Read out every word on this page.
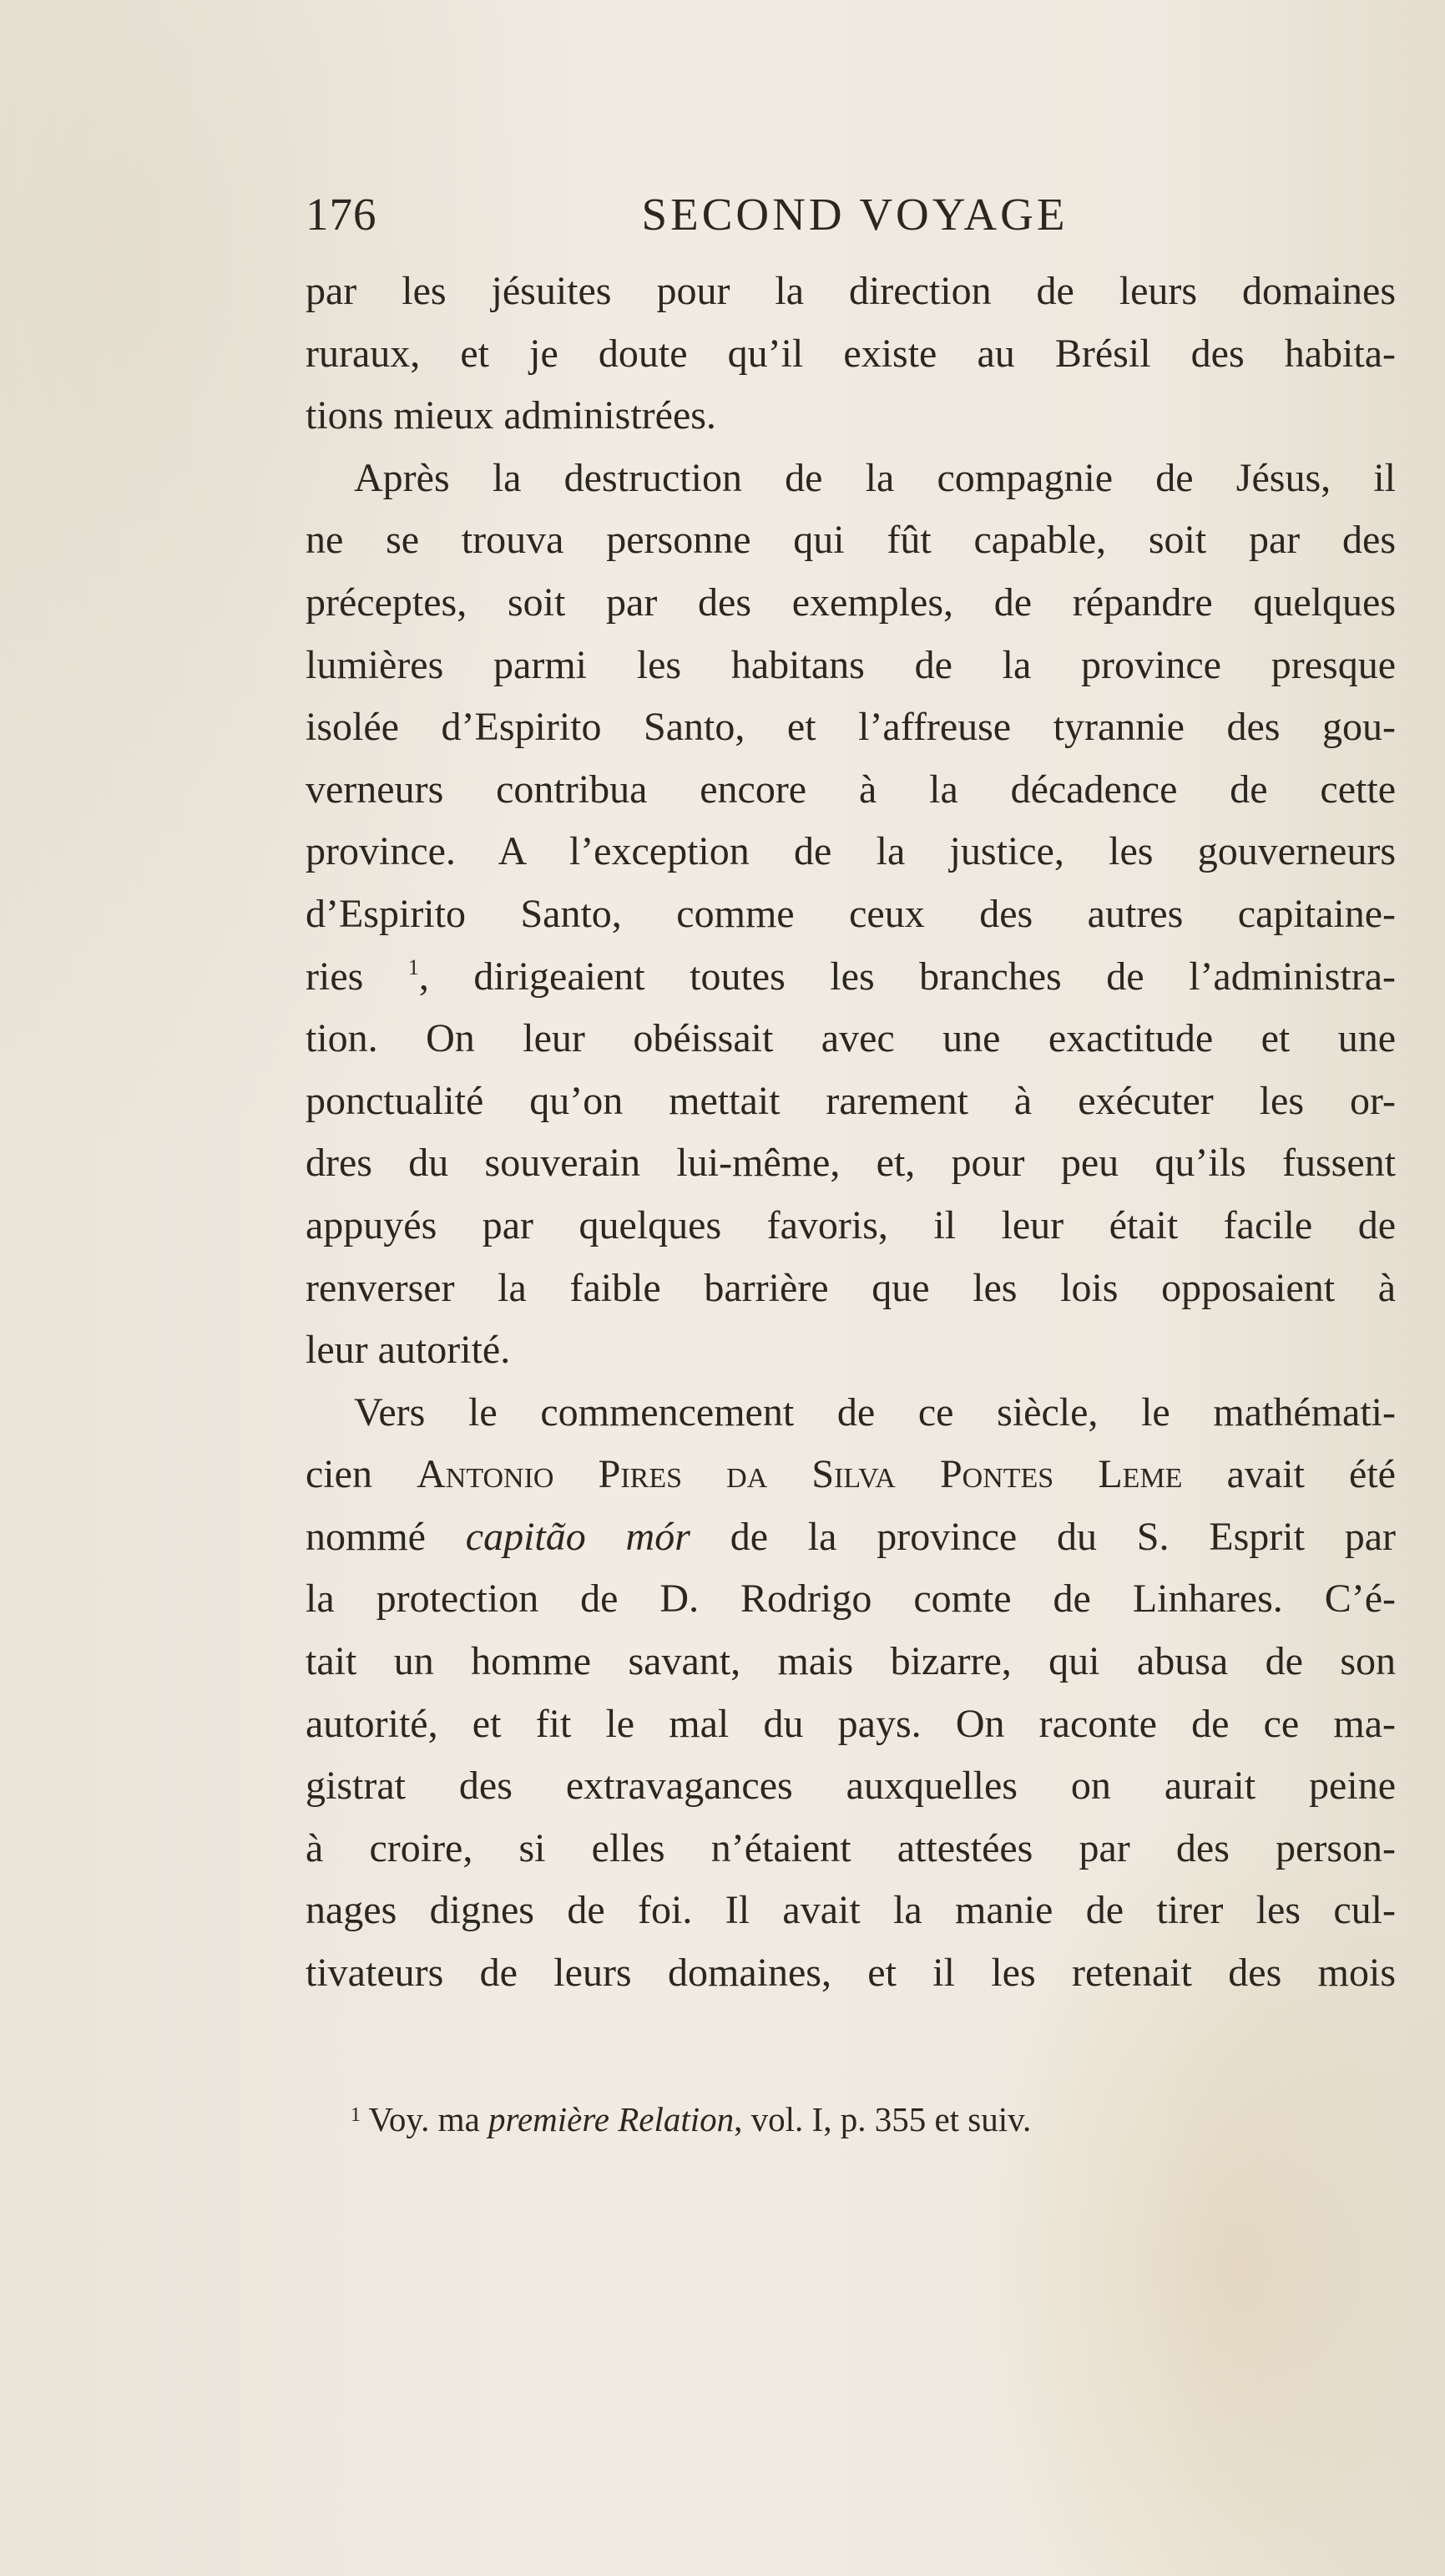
176	SECOND VOYAGE
par les jésuites pour la direction de leurs domaines
ruraux, et je doute qu’il existe au Brésil des habita-
tions mieux administrées.
Après la destruction de la compagnie de Jésus, il
ne se trouva personne qui fût capable, soit par des
préceptes, soit par des exemples, de répandre quelques
lumières parmi les habitans de la province presque
isolée d’Espirito Santo, et l’affreuse tyrannie des gou-
verneurs contribua encore à la décadence de cette
province. A l’exception de la justice, les gouverneurs
d’Espirito Santo, comme ceux des autres capitaine-
ries $^1$, dirigeaient toutes les branches de l’administra-
tion. On leur obéissait avec une exactitude et une
ponctualité qu’on mettait rarement à exécuter les or-
dres du souverain lui-même, et, pour peu qu’ils fussent
appuyés par quelques favoris, il leur était facile de
renverser la faible barrière que les lois opposaient à
leur autorité.
Vers le commencement de ce siècle, le mathémati-
cien Antonio Pires da Silva Pontes Leme avait été
nommé capitão mór de la province du S. Esprit par
la protection de D. Rodrigo comte de Linhares. C’é-
tait un homme savant, mais bizarre, qui abusa de son
autorité, et fit le mal du pays. On raconte de ce ma-
gistrat des extravagances auxquelles on aurait peine
à croire, si elles n’étaient attestées par des person-
nages dignes de foi. Il avait la manie de tirer les cul-
tivateurs de leurs domaines, et il les retenait des mois
$^1$ Voy. ma première Relation, vol. I, p. 355 et suiv.
